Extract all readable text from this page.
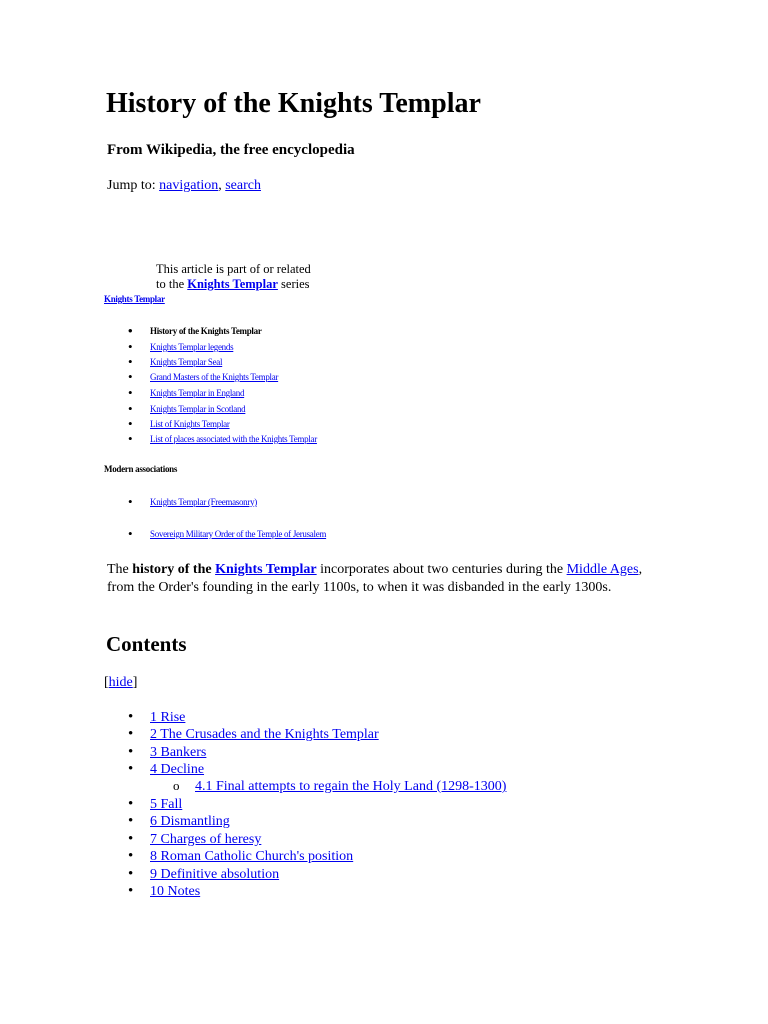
History of the Knights Templar
From Wikipedia, the free encyclopedia
Jump to: navigation, search
This article is part of or related
to the Knights Templar series
Knights Templar
• History of the Knights Templar
• Knights Templar legends
• Knights Templar Seal
• Grand Masters of the Knights Templar
• Knights Templar in England
• Knights Templar in Scotland
• List of Knights Templar
• List of places associated with the Knights Templar
Modern associations
• Knights Templar (Freemasonry)
• Sovereign Military Order of the Temple of Jerusalem

The history of the Knights Templar incorporates about two centuries during the Middle Ages, from the Order's founding in the early 1100s, to when it was disbanded in the early 1300s.

Contents
[hide]
• 1 Rise
• 2 The Crusades and the Knights Templar
• 3 Bankers
• 4 Decline
o 4.1 Final attempts to regain the Holy Land (1298-1300)
• 5 Fall
• 6 Dismantling
• 7 Charges of heresy
• 8 Roman Catholic Church's position
• 9 Definitive absolution
• 10 Notes
